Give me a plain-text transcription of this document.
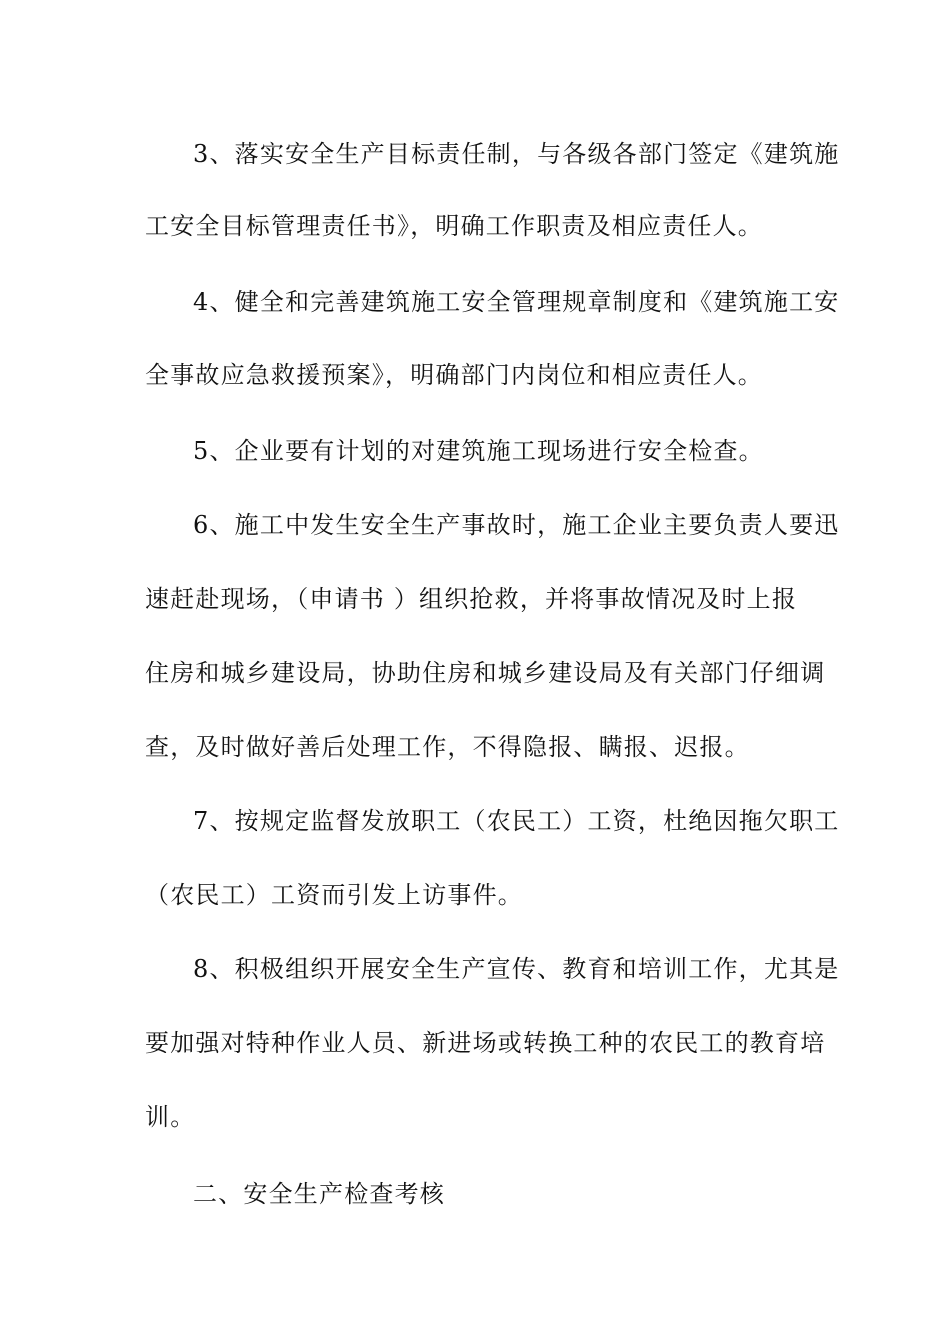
3、落实安全生产目标责任制，与各级各部门签定《建筑施
工安全目标管理责任书》，明确工作职责及相应责任人。
4、健全和完善建筑施工安全管理规章制度和《建筑施工安
全事故应急救援预案》，明确部门内岗位和相应责任人。
5、企业要有计划的对建筑施工现场进行安全检查。
6、施工中发生安全生产事故时，施工企业主要负责人要迅
速赶赴现场，（申请书 ）组织抢救，并将事故情况及时上报
住房和城乡建设局，协助住房和城乡建设局及有关部门仔细调
查，及时做好善后处理工作，不得隐报、瞒报、迟报。
7、按规定监督发放职工（农民工）工资，杜绝因拖欠职工
（农民工）工资而引发上访事件。
8、积极组织开展安全生产宣传、教育和培训工作，尤其是
要加强对特种作业人员、新进场或转换工种的农民工的教育培
训。
二、安全生产检查考核
